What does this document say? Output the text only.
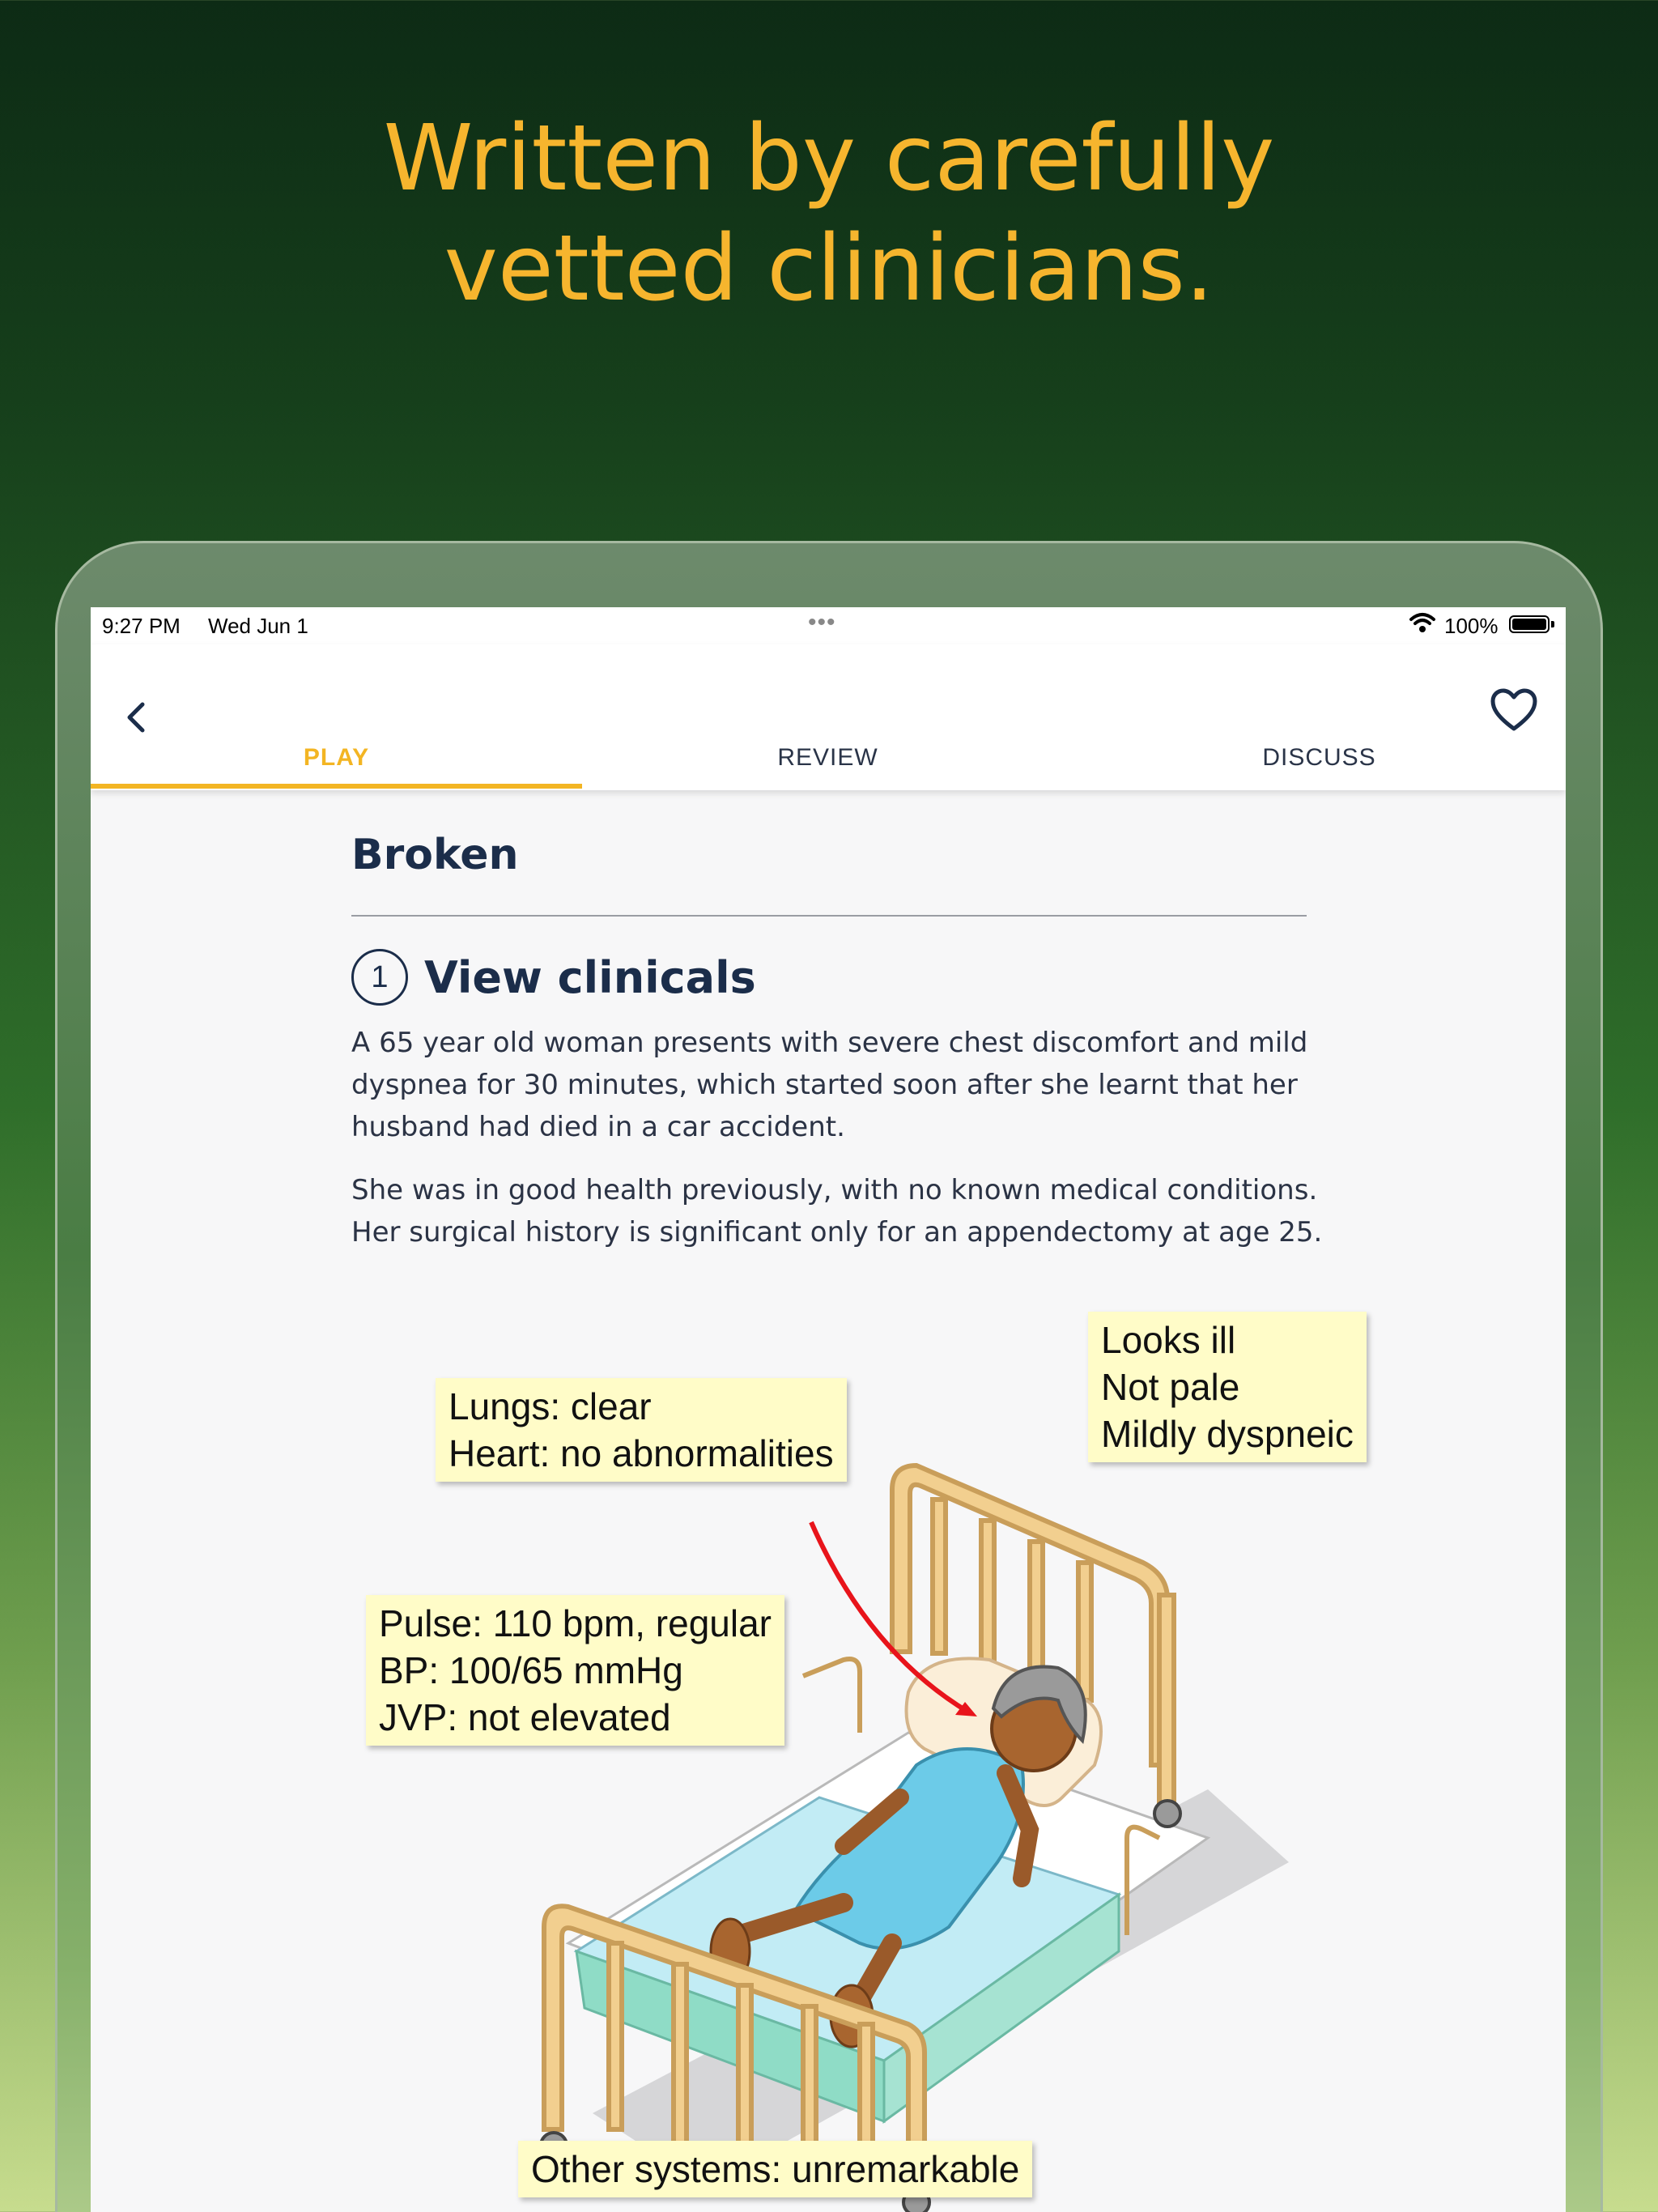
Written by carefully
vetted clinicians.
9:27 PM Wed Jun 1	•••	100%
PLAY	REVIEW	DISCUSS
Broken
1 View clinicals

A 65 year old woman presents with severe chest discomfort and mild dyspnea for 30 minutes, which started soon after she learnt that her husband had died in a car accident.

She was in good health previously, with no known medical conditions. Her surgical history is significant only for an appendectomy at age 25.

Looks ill
Not pale
Mildly dyspneic
Lungs: clear
Heart: no abnormalities
Pulse: 110 bpm, regular
BP: 100/65 mmHg
JVP: not elevated
Other systems: unremarkable
